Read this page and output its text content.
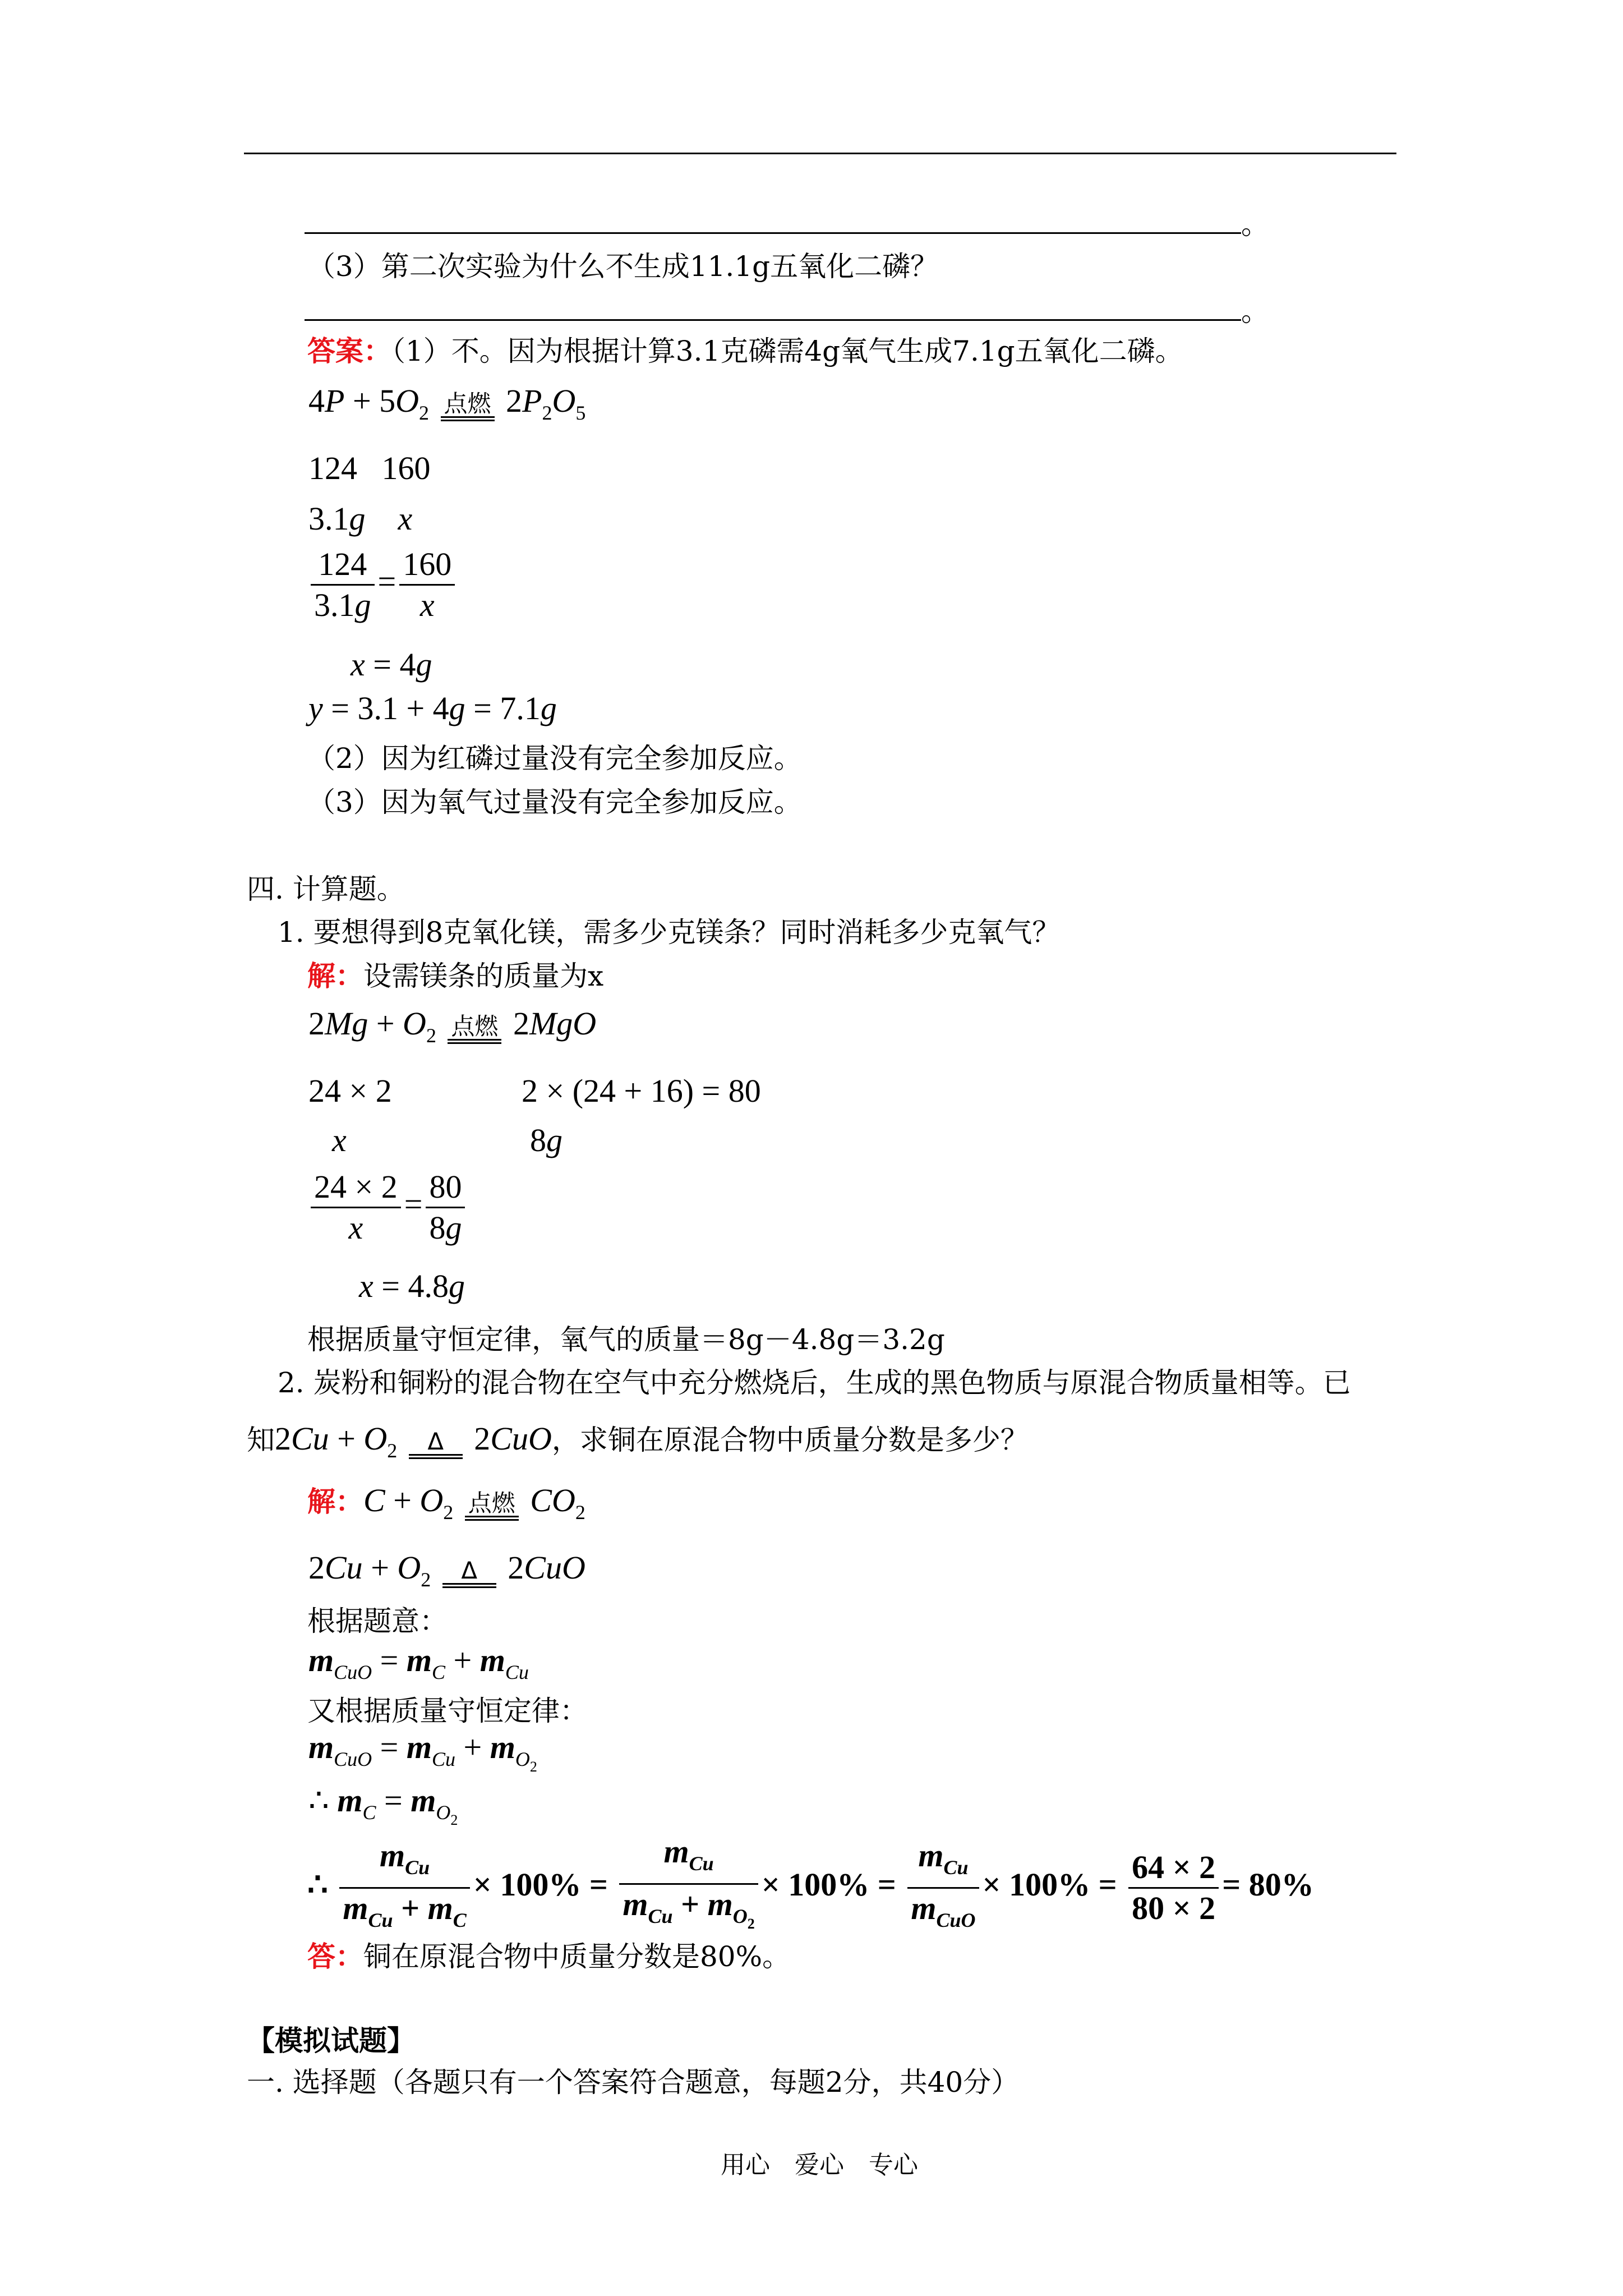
。
（3）第二次实验为什么不生成11.1g五氧化二磷？
。
答案：（1）不。因为根据计算3.1克磷需4g氧气生成7.1g五氧化二磷。
$4P + 5O_2$ 点燃 $2P_2O_5$
124   160
3.1g x
$\frac{124}{3.1g} = \frac{160}{x}$
x = 4g
y = 3.1 + 4g = 7.1g
（2）因为红磷过量没有完全参加反应。
（3）因为氧气过量没有完全参加反应。
四. 计算题。
1. 要想得到8克氧化镁，需多少克镁条？同时消耗多少克氧气？
解：设需镁条的质量为x
$2Mg + O_2$ 点燃 2MgO
24 × 2	2 × (24 + 16) = 80
x	8g
$\frac{24 \times 2}{x} = \frac{80}{8g}$
x = 4.8g
根据质量守恒定律，氧气的质量＝8g－4.8g＝3.2g
2. 炭粉和铜粉的混合物在空气中充分燃烧后，生成的黑色物质与原混合物质量相等。已
知$2Cu + O_2$ Δ 2CuO，求铜在原混合物中质量分数是多少？
解：$C + O_2$ 点燃 $CO_2$
$2Cu + O_2$ Δ 2CuO
根据题意：
$m_{CuO} = m_C + m_{Cu}$
又根据质量守恒定律：
$m_{CuO} = m_{Cu} + m_{O_2}$
∴ $m_C = m_{O_2}$
∴ $\frac{m_{Cu}}{m_{Cu} + m_C} \times 100\% = \frac{m_{Cu}}{m_{Cu} + m_{O_2}} \times 100\% = \frac{m_{Cu}}{m_{CuO}} \times 100\% = \frac{64 \times 2}{80 \times 2} = 80\%$
答：铜在原混合物中质量分数是80%。
【模拟试题】
一. 选择题（各题只有一个答案符合题意，每题2分，共40分）
用心　爱心　专心
